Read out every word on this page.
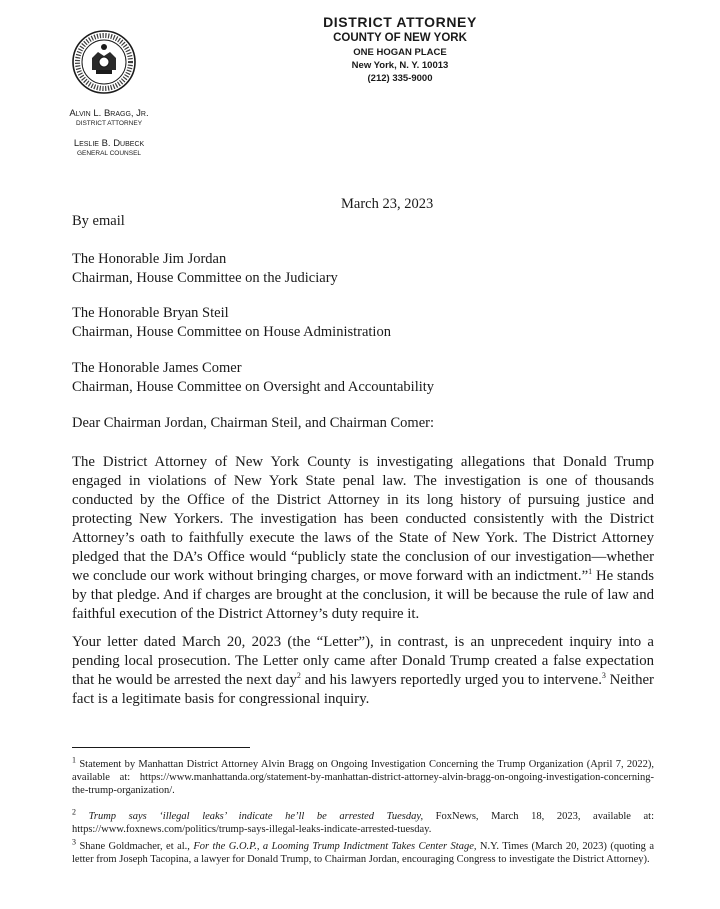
DISTRICT ATTORNEY
COUNTY OF NEW YORK
ONE HOGAN PLACE
New York, N. Y. 10013
(212) 335-9000
Alvin L. Bragg, Jr.
DISTRICT ATTORNEY
Leslie B. Dubeck
GENERAL COUNSEL
March 23, 2023
By email
The Honorable Jim Jordan
Chairman, House Committee on the Judiciary
The Honorable Bryan Steil
Chairman, House Committee on House Administration
The Honorable James Comer
Chairman, House Committee on Oversight and Accountability
Dear Chairman Jordan, Chairman Steil, and Chairman Comer:

The District Attorney of New York County is investigating allegations that Donald Trump engaged in violations of New York State penal law. The investigation is one of thousands conducted by the Office of the District Attorney in its long history of pursuing justice and protecting New Yorkers. The investigation has been conducted consistently with the District Attorney’s oath to faithfully execute the laws of the State of New York. The District Attorney pledged that the DA’s Office would “publicly state the conclusion of our investigation—whether we conclude our work without bringing charges, or move forward with an indictment.”$^1$ He stands by that pledge. And if charges are brought at the conclusion, it will be because the rule of law and faithful execution of the District Attorney’s duty require it.

Your letter dated March 20, 2023 (the “Letter”), in contrast, is an unprecedent inquiry into a pending local prosecution. The Letter only came after Donald Trump created a false expectation that he would be arrested the next day$^2$ and his lawyers reportedly urged you to intervene.$^3$ Neither fact is a legitimate basis for congressional inquiry.

$^1$ Statement by Manhattan District Attorney Alvin Bragg on Ongoing Investigation Concerning the Trump Organization (April 7, 2022), available at: https://www.manhattanda.org/statement-by-manhattan-district-attorney-alvin-bragg-on-ongoing-investigation-concerning-the-trump-organization/.

$^2$ Trump says ‘illegal leaks’ indicate he’ll be arrested Tuesday, FoxNews, March 18, 2023, available at: https://www.foxnews.com/politics/trump-says-illegal-leaks-indicate-arrested-tuesday.

$^3$ Shane Goldmacher, et al., For the G.O.P., a Looming Trump Indictment Takes Center Stage, N.Y. Times (March 20, 2023) (quoting a letter from Joseph Tacopina, a lawyer for Donald Trump, to Chairman Jordan, encouraging Congress to investigate the District Attorney).
